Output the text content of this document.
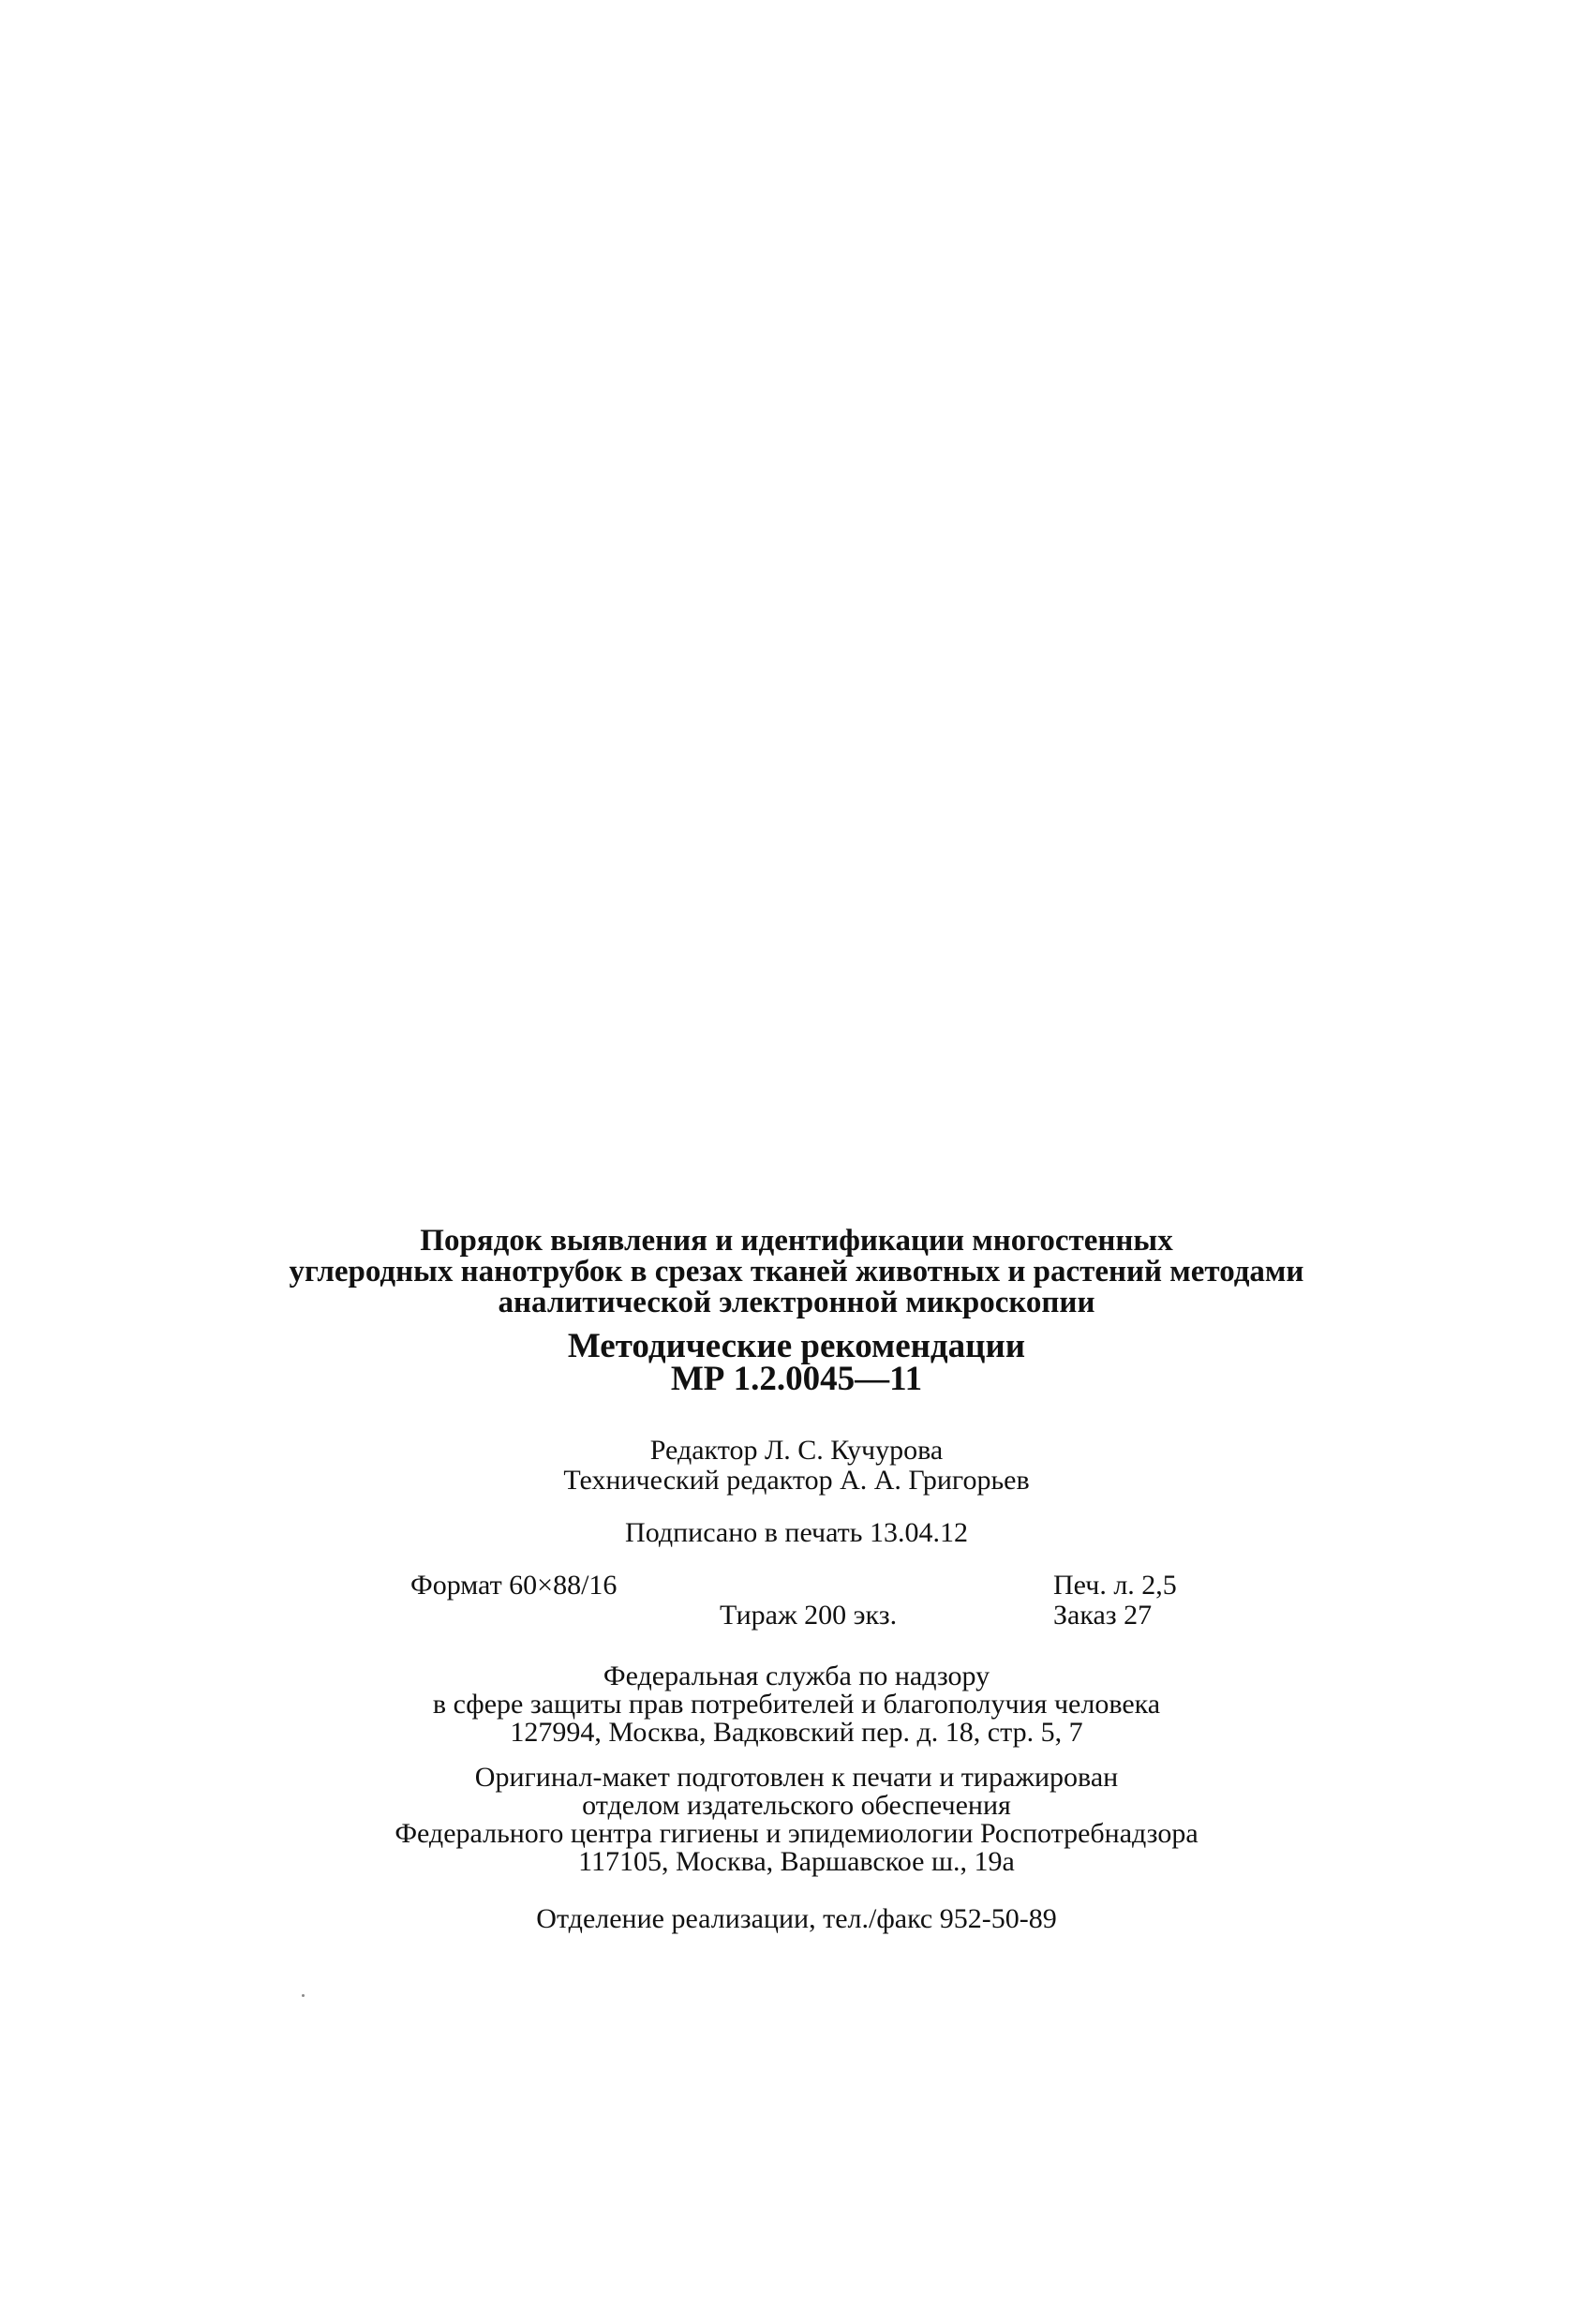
Порядок выявления и идентификации многостенных
углеродных нанотрубок в срезах тканей животных и растений методами
аналитической электронной микроскопии
Методические рекомендации
МР 1.2.0045—11
Редактор Л. С. Кучурова
Технический редактор А. А. Григорьев
Подписано в печать 13.04.12
Формат 60×88/16
Тираж 200 экз.
Печ. л. 2,5
Заказ 27
Федеральная служба по надзору
в сфере защиты прав потребителей и благополучия человека
127994, Москва, Вадковский пер. д. 18, стр. 5, 7
Оригинал-макет подготовлен к печати и тиражирован
отделом издательского обеспечения
Федерального центра гигиены и эпидемиологии Роспотребнадзора
117105, Москва, Варшавское ш., 19а
Отделение реализации, тел./факс 952-50-89
